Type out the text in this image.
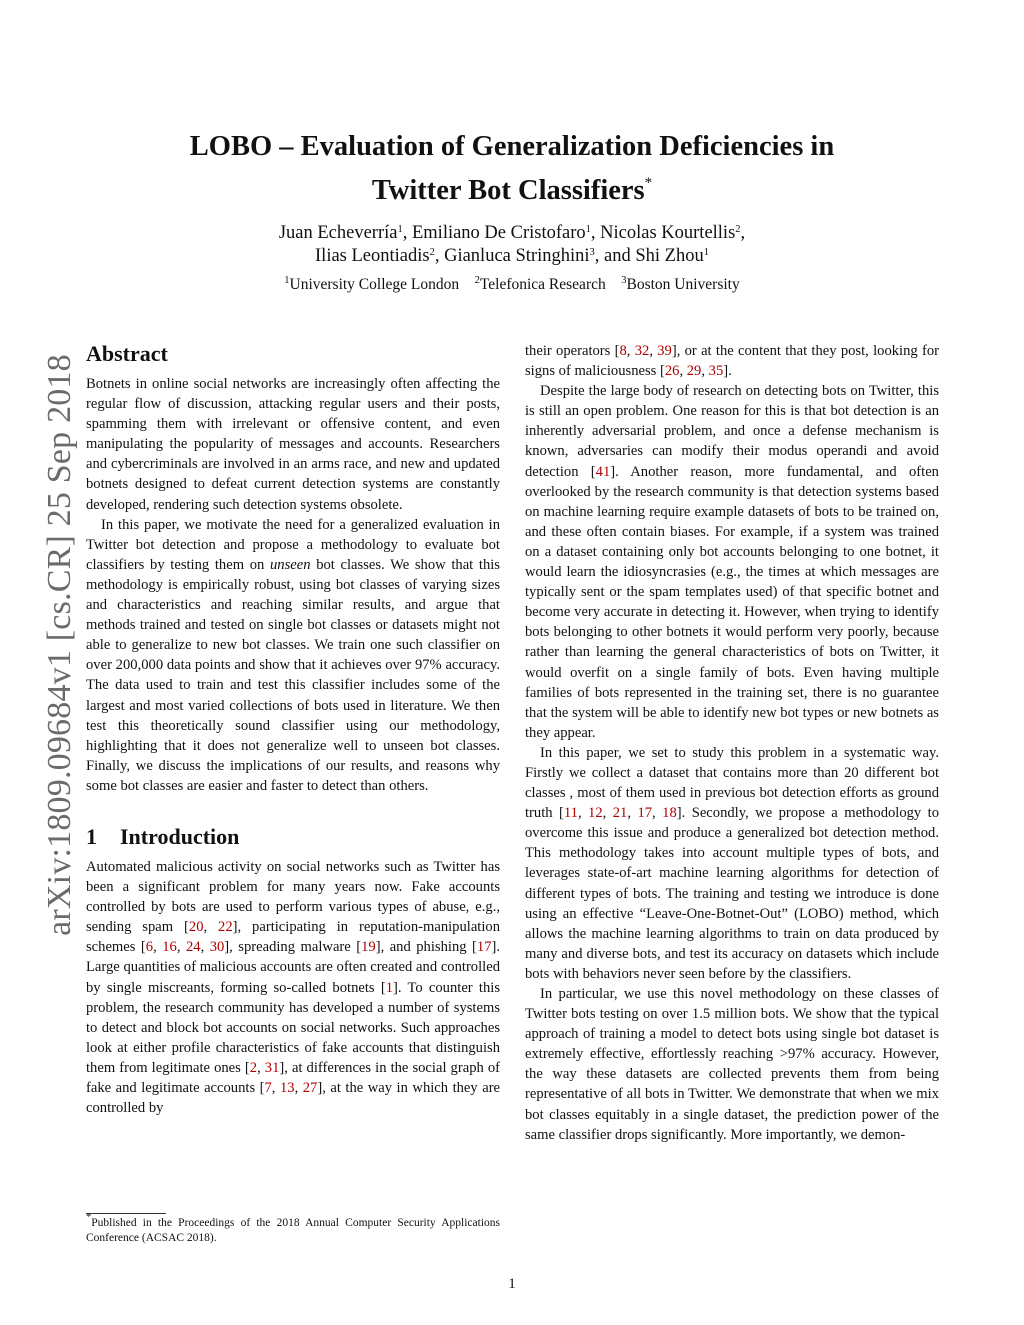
arXiv:1809.09684v1 [cs.CR] 25 Sep 2018
LOBO – Evaluation of Generalization Deficiencies in
Twitter Bot Classifiers*
Juan Echeverría$^1$, Emiliano De Cristofaro$^1$, Nicolas Kourtellis$^2$,
Ilias Leontiadis$^2$, Gianluca Stringhini$^3$, and Shi Zhou$^1$
$^1$University College London $^2$Telefonica Research $^3$Boston University
Abstract

Botnets in online social networks are increasingly often affecting the regular flow of discussion, attacking regular users and their posts, spamming them with irrelevant or offensive content, and even manipulating the popularity of messages and accounts. Researchers and cybercriminals are involved in an arms race, and new and updated botnets designed to defeat current detection systems are constantly developed, rendering such detection systems obsolete.

In this paper, we motivate the need for a generalized evaluation in Twitter bot detection and propose a methodology to evaluate bot classifiers by testing them on unseen bot classes. We show that this methodology is empirically robust, using bot classes of varying sizes and characteristics and reaching similar results, and argue that methods trained and tested on single bot classes or datasets might not able to generalize to new bot classes. We train one such classifier on over 200,000 data points and show that it achieves over 97% accuracy. The data used to train and test this classifier includes some of the largest and most varied collections of bots used in literature. We then test this theoretically sound classifier using our methodology, highlighting that it does not generalize well to unseen bot classes. Finally, we discuss the implications of our results, and reasons why some bot classes are easier and faster to detect than others.

1 Introduction

Automated malicious activity on social networks such as Twitter has been a significant problem for many years now. Fake accounts controlled by bots are used to perform various types of abuse, e.g., sending spam [20, 22], participating in reputation-manipulation schemes [6, 16, 24, 30], spreading malware [19], and phishing [17]. Large quantities of malicious accounts are often created and controlled by single miscreants, forming so-called botnets [1]. To counter this problem, the research community has developed a number of systems to detect and block bot accounts on social networks. Such approaches look at either profile characteristics of fake accounts that distinguish them from legitimate ones [2, 31], at differences in the social graph of fake and legitimate accounts [7, 13, 27], at the way in which they are controlled by

their operators [8, 32, 39], or at the content that they post, looking for signs of maliciousness [26, 29, 35].

Despite the large body of research on detecting bots on Twitter, this is still an open problem. One reason for this is that bot detection is an inherently adversarial problem, and once a defense mechanism is known, adversaries can modify their modus operandi and avoid detection [41]. Another reason, more fundamental, and often overlooked by the research community is that detection systems based on machine learning require example datasets of bots to be trained on, and these often contain biases. For example, if a system was trained on a dataset containing only bot accounts belonging to one botnet, it would learn the idiosyncrasies (e.g., the times at which messages are typically sent or the spam templates used) of that specific botnet and become very accurate in detecting it. However, when trying to identify bots belonging to other botnets it would perform very poorly, because rather than learning the general characteristics of bots on Twitter, it would overfit on a single family of bots. Even having multiple families of bots represented in the training set, there is no guarantee that the system will be able to identify new bot types or new botnets as they appear.

In this paper, we set to study this problem in a systematic way. Firstly we collect a dataset that contains more than 20 different bot classes , most of them used in previous bot detection efforts as ground truth [11, 12, 21, 17, 18]. Secondly, we propose a methodology to overcome this issue and produce a generalized bot detection method. This methodology takes into account multiple types of bots, and leverages state-of-art machine learning algorithms for detection of different types of bots. The training and testing we introduce is done using an effective “Leave-One-Botnet-Out” (LOBO) method, which allows the machine learning algorithms to train on data produced by many and diverse bots, and test its accuracy on datasets which include bots with behaviors never seen before by the classifiers.

In particular, we use this novel methodology on these classes of Twitter bots testing on over 1.5 million bots. We show that the typical approach of training a model to detect bots using single bot dataset is extremely effective, effortlessly reaching >97% accuracy. However, the way these datasets are collected prevents them from being representative of all bots in Twitter. We demonstrate that when we mix bot classes equitably in a single dataset, the prediction power of the same classifier drops significantly. More importantly, we demon-

*Published in the Proceedings of the 2018 Annual Computer Security Applications Conference (ACSAC 2018).
1
